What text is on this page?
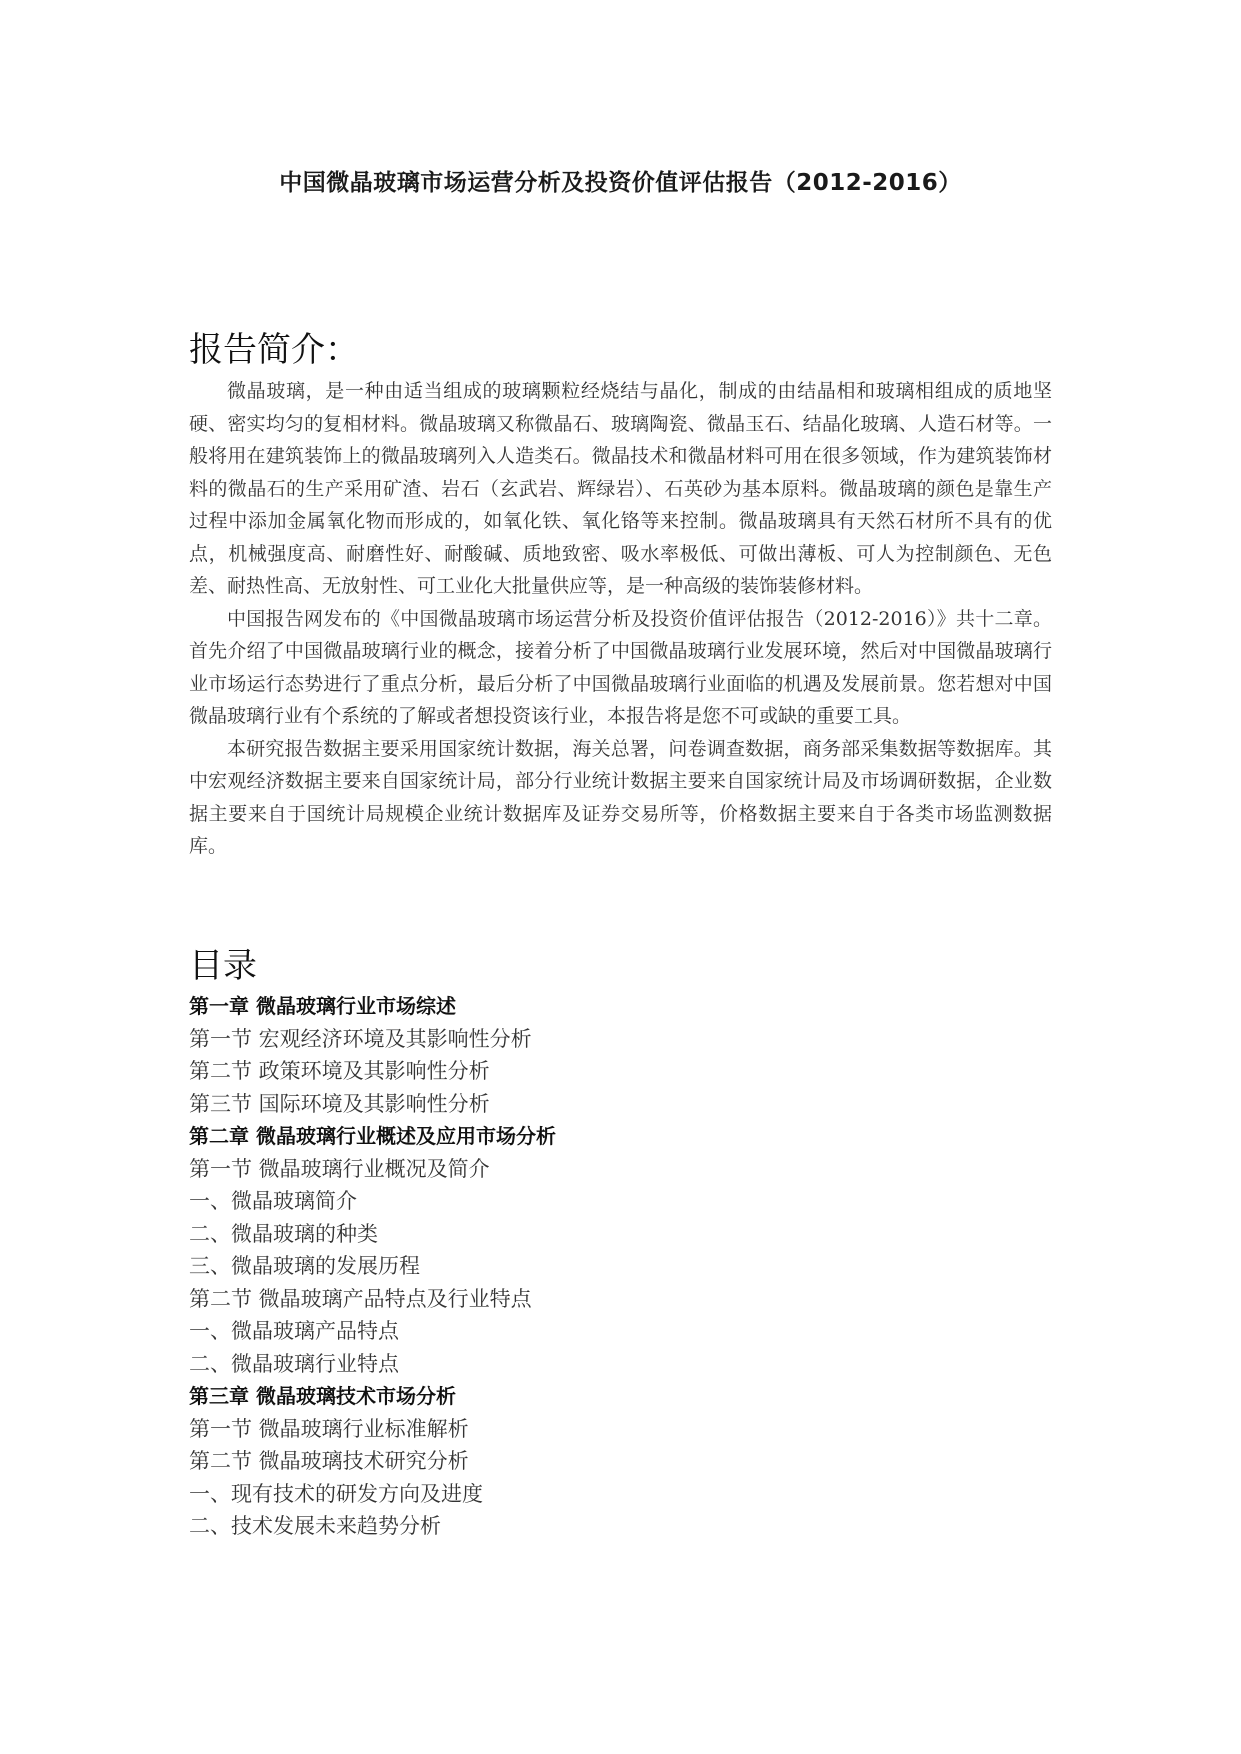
中国微晶玻璃市场运营分析及投资价值评估报告（2012-2016）
报告简介：

微晶玻璃，是一种由适当组成的玻璃颗粒经烧结与晶化，制成的由结晶相和玻璃相组成的质地坚硬、密实均匀的复相材料。微晶玻璃又称微晶石、玻璃陶瓷、微晶玉石、结晶化玻璃、人造石材等。一般将用在建筑装饰上的微晶玻璃列入人造类石。微晶技术和微晶材料可用在很多领域，作为建筑装饰材料的微晶石的生产采用矿渣、岩石（玄武岩、辉绿岩）、石英砂为基本原料。微晶玻璃的颜色是靠生产过程中添加金属氧化物而形成的，如氧化铁、氧化铬等来控制。微晶玻璃具有天然石材所不具有的优点，机械强度高、耐磨性好、耐酸碱、质地致密、吸水率极低、可做出薄板、可人为控制颜色、无色差、耐热性高、无放射性、可工业化大批量供应等，是一种高级的装饰装修材料。

中国报告网发布的《中国微晶玻璃市场运营分析及投资价值评估报告（2012-2016）》共十二章。首先介绍了中国微晶玻璃行业的概念，接着分析了中国微晶玻璃行业发展环境，然后对中国微晶玻璃行业市场运行态势进行了重点分析，最后分析了中国微晶玻璃行业面临的机遇及发展前景。您若想对中国微晶玻璃行业有个系统的了解或者想投资该行业，本报告将是您不可或缺的重要工具。

本研究报告数据主要采用国家统计数据，海关总署，问卷调查数据，商务部采集数据等数据库。其中宏观经济数据主要来自国家统计局，部分行业统计数据主要来自国家统计局及市场调研数据，企业数据主要来自于国统计局规模企业统计数据库及证券交易所等，价格数据主要来自于各类市场监测数据库。

目录
第一章 微晶玻璃行业市场综述
第一节 宏观经济环境及其影响性分析
第二节 政策环境及其影响性分析
第三节 国际环境及其影响性分析
第二章 微晶玻璃行业概述及应用市场分析
第一节 微晶玻璃行业概况及简介
一、微晶玻璃简介
二、微晶玻璃的种类
三、微晶玻璃的发展历程
第二节 微晶玻璃产品特点及行业特点
一、微晶玻璃产品特点
二、微晶玻璃行业特点
第三章 微晶玻璃技术市场分析
第一节 微晶玻璃行业标准解析
第二节 微晶玻璃技术研究分析
一、现有技术的研发方向及进度
二、技术发展未来趋势分析
